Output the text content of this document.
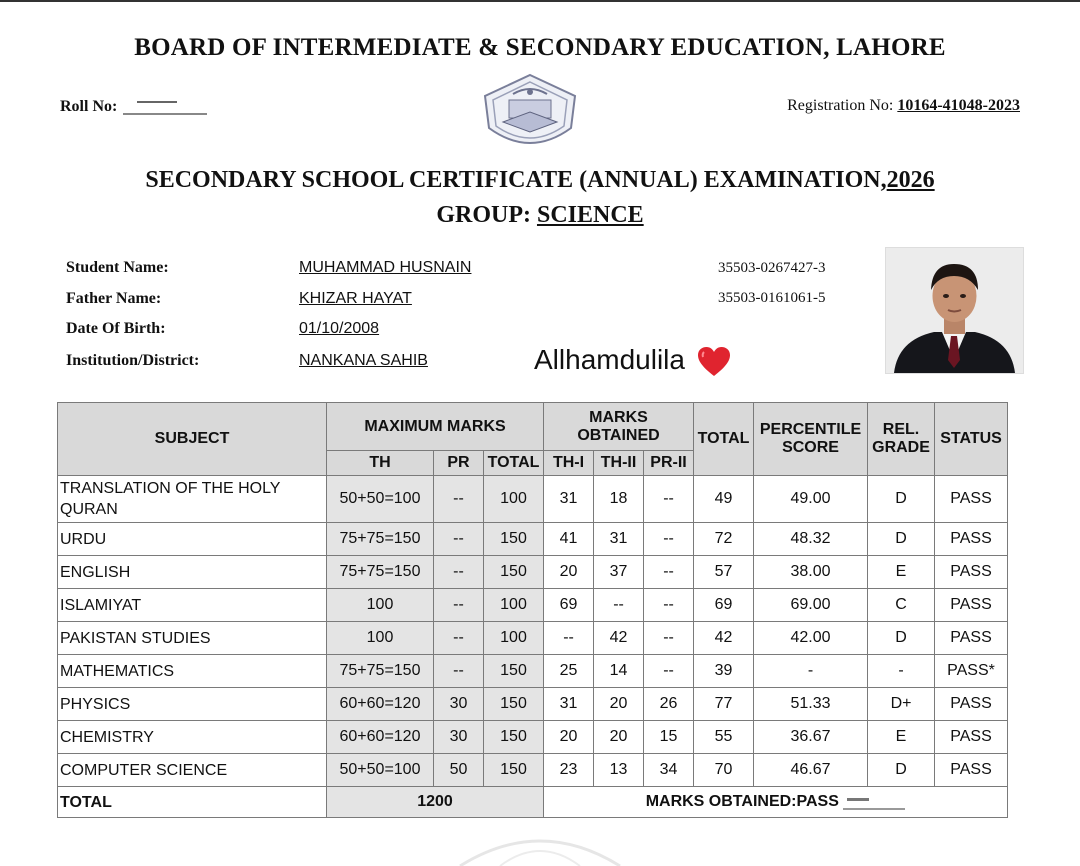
BOARD OF INTERMEDIATE & SECONDARY EDUCATION, LAHORE
Roll No:	Registration No: 10164-41048-2023
SECONDARY SCHOOL CERTIFICATE (ANNUAL) EXAMINATION,2026
GROUP: SCIENCE
Student Name:	MUHAMMAD HUSNAIN	35503-0267427-3
Father Name:	KHIZAR HAYAT	35503-0161061-5
Date Of Birth:	01/10/2008
Institution/District:	NANKANA SAHIB	Allhamdulila
SUBJECT	MAXIMUM MARKS			MARKS OBTAINED			TOTAL	PERCENTILE SCORE	REL. GRADE	STATUS
	TH	PR	TOTAL	TH-I	TH-II	PR-II				
TRANSLATION OF THE HOLY QURAN	50+50=100	--	100	31	18	--	49	49.00	D	PASS
URDU	75+75=150	--	150	41	31	--	72	48.32	D	PASS
ENGLISH	75+75=150	--	150	20	37	--	57	38.00	E	PASS
ISLAMIYAT	100	--	100	69	--	--	69	69.00	C	PASS
PAKISTAN STUDIES	100	--	100	--	42	--	42	42.00	D	PASS
MATHEMATICS	75+75=150	--	150	25	14	--	39	-	-	PASS*
PHYSICS	60+60=120	30	150	31	20	26	77	51.33	D+	PASS
CHEMISTRY	60+60=120	30	150	20	20	15	55	36.67	E	PASS
COMPUTER SCIENCE	50+50=100	50	150	23	13	34	70	46.67	D	PASS
TOTAL	1200			MARKS OBTAINED:PASS						
